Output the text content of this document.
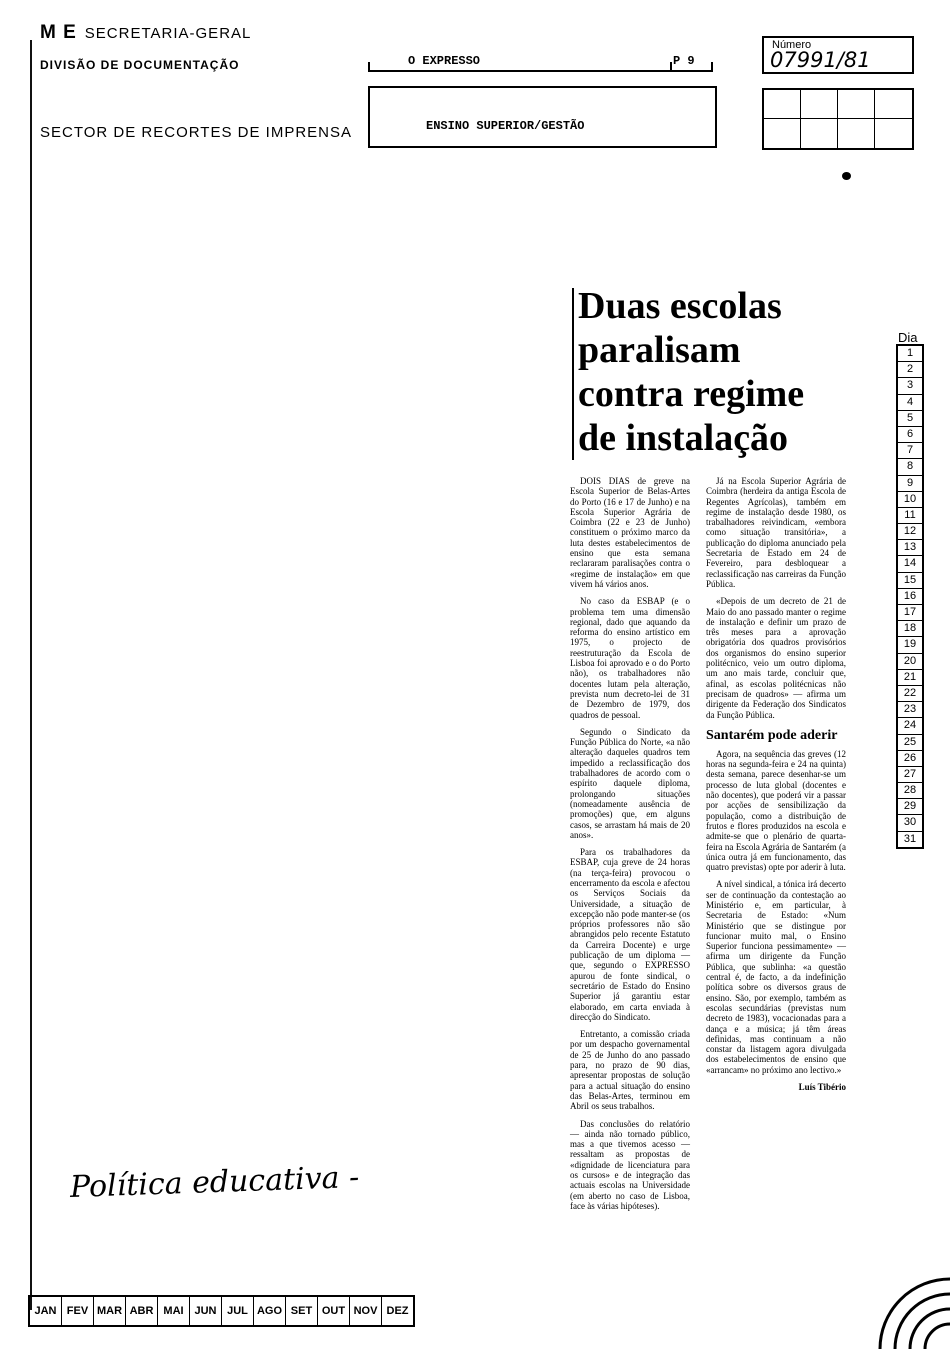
M E SECRETARIA-GERAL
DIVISÃO DE DOCUMENTAÇÃO
SECTOR DE RECORTES DE IMPRENSA
O EXPRESSO	P 9
Número
07991/81
ENSINO SUPERIOR/GESTÃO
Dia
1
2
3
4
5
6
7
8
9
10
11
12
13
14
15
16
17
18
19
20
21
22
23
24
25
26
27
28
29
30
31
Duas escolas
paralisam
contra regime
de instalação

DOIS DIAS de greve na Escola Superior de Belas-Artes do Porto (16 e 17 de Junho) e na Escola Superior Agrária de Coimbra (22 e 23 de Junho) constituem o próximo marco da luta destes estabelecimentos de ensino que esta semana reclararam paralisações contra o «regime de instalação» em que vivem há vários anos.

No caso da ESBAP (e o problema tem uma dimensão regional, dado que aquando da reforma do ensino artístico em 1975, o projecto de reestruturação da Escola de Lisboa foi aprovado e o do Porto não), os trabalhadores não docentes lutam pela alteração, prevista num decreto-lei de 31 de Dezembro de 1979, dos quadros de pessoal.

Segundo o Sindicato da Função Pública do Norte, «a não alteração daqueles quadros tem impedido a reclassificação dos trabalhadores de acordo com o espírito daquele diploma, prolongando situações (nomeadamente ausência de promoções) que, em alguns casos, se arrastam há mais de 20 anos».

Para os trabalhadores da ESBAP, cuja greve de 24 horas (na terça-feira) provocou o encerramento da escola e afectou os Serviços Sociais da Universidade, a situação de excepção não pode manter-se (os próprios professores não são abrangidos pelo recente Estatuto da Carreira Docente) e urge publicação de um diploma — que, segundo o EXPRESSO apurou de fonte sindical, o secretário de Estado do Ensino Superior já garantiu estar elaborado, em carta enviada à direcção do Sindicato.

Entretanto, a comissão criada por um despacho governamental de 25 de Junho do ano passado para, no prazo de 90 dias, apresentar propostas de solução para a actual situação do ensino das Belas-Artes, terminou em Abril os seus trabalhos.

Das conclusões do relatório — ainda não tornado público, mas a que tivemos acesso — ressaltam as propostas de «dignidade de licenciatura para os cursos» e de integração das actuais escolas na Universidade (em aberto no caso de Lisboa, face às várias hipóteses).

Já na Escola Superior Agrária de Coimbra (herdeira da antiga Escola de Regentes Agrícolas), também em regime de instalação desde 1980, os trabalhadores reivindicam, «embora como situação transitória», a publicação do diploma anunciado pela Secretaria de Estado em 24 de Fevereiro, para desbloquear a reclassificação nas carreiras da Função Pública.

«Depois de um decreto de 21 de Maio do ano passado manter o regime de instalação e definir um prazo de três meses para a aprovação obrigatória dos quadros provisórios dos organismos do ensino superior politécnico, veio um outro diploma, um ano mais tarde, concluir que, afinal, as escolas politécnicas não precisam de quadros» — afirma um dirigente da Federação dos Sindicatos da Função Pública.

Santarém pode aderir

Agora, na sequência das greves (12 horas na segunda-feira e 24 na quinta) desta semana, parece desenhar-se um processo de luta global (docentes e não docentes), que poderá vir a passar por acções de sensibilização da população, como a distribuição de frutos e flores produzidos na escola e admite-se que o plenário de quarta-feira na Escola Agrária de Santarém (a única outra já em funcionamento, das quatro previstas) opte por aderir à luta.

A nível sindical, a tónica irá decerto ser de continuação da contestação ao Ministério e, em particular, à Secretaria de Estado: «Num Ministério que se distingue por funcionar muito mal, o Ensino Superior funciona pessimamente» — afirma um dirigente da Função Pública, que sublinha: «a questão central é, de facto, a da indefinição política sobre os diversos graus de ensino. São, por exemplo, também as escolas secundárias (previstas num decreto de 1983), vocacionadas para a dança e a música; já têm áreas definidas, mas continuam a não constar da listagem agora divulgada dos estabelecimentos de ensino que «arrancam» no próximo ano lectivo.»

Luís Tibério
Política educativa -
JAN FEV MAR ABR MAI JUN JUL AGO SET OUT NOV DEZ
